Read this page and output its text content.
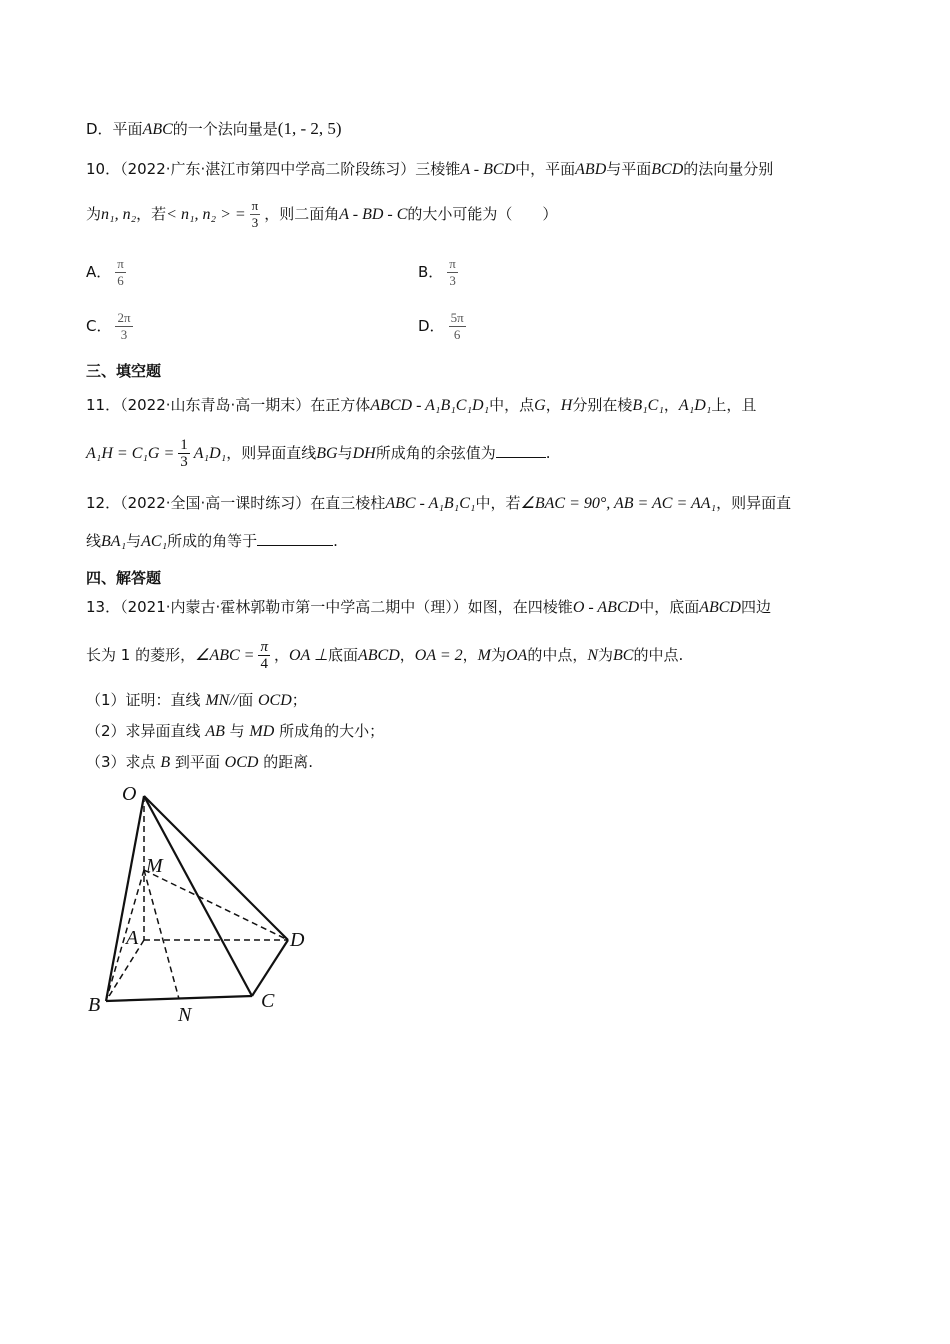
D．平面ABC的一个法向量是(1, - 2, 5)
10．（2022·广东·湛江市第四中学高二阶段练习）三棱锥A - BCD中，平面ABD与平面BCD的法向量分别
为n₁, n₂，若< n₁, n₂ > = $\frac{\pi}{3}$ ，则二面角A - BD - C的大小可能为（　　）
A． $\frac{\pi}{6}$	B． $\frac{\pi}{3}$
C． $\frac{2\pi}{3}$	D． $\frac{5\pi}{6}$
三、填空题
11．（2022·山东青岛·高一期末）在正方体ABCD - A₁B₁C₁D₁中，点G，H分别在棱B₁C₁，A₁D₁上，且
$A_1H = C_1G = \frac{1}{3} A_1D_1$，则异面直线BG与DH所成角的余弦值为	.
12．（2022·全国·高一课时练习）在直三棱柱ABC - A₁B₁C₁中，若∠BAC = 90°, AB = AC = AA₁，则异面直
线BA₁与AC₁所成的角等于	.
四、解答题
13．（2021·内蒙古·霍林郭勒市第一中学高二期中（理））如图，在四棱锥O - ABCD中，底面ABCD四边
长为 1 的菱形，∠ABC = $\frac{\pi}{4}$ ，OA ⊥底面ABCD，OA = 2，M为OA的中点，N为BC的中点.
（1）证明：直线 MN//面 OCD；
（2）求异面直线 AB 与 MD 所成角的大小；
（3）求点 B 到平面 OCD 的距离.
O
M
A	D
B	N
C
